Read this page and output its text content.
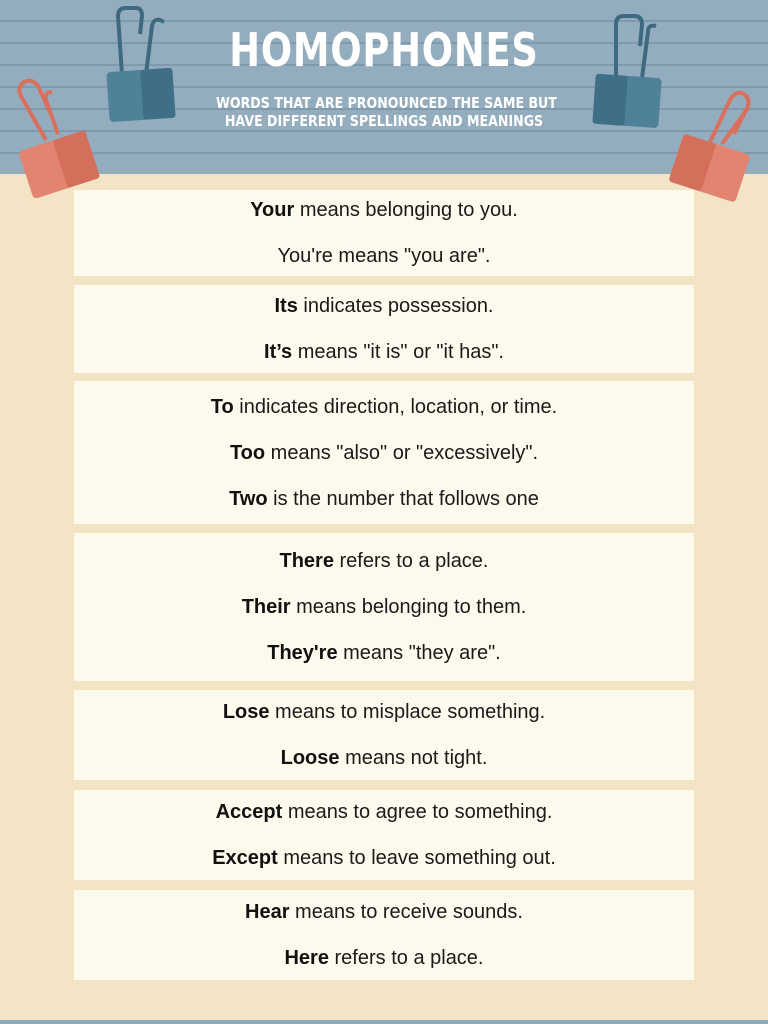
HOMOPHONES
WORDS THAT ARE PRONOUNCED THE SAME BUT
HAVE DIFFERENT SPELLINGS AND MEANINGS
Your means belonging to you.
You're means "you are".
Its indicates possession.
It’s means "it is" or "it has".
To indicates direction, location, or time.
Too means "also" or "excessively".
Two is the number that follows one
There refers to a place.
Their means belonging to them.
They're means "they are".
Lose means to misplace something.
Loose means not tight.
Accept means to agree to something.
Except means to leave something out.
Hear means to receive sounds.
Here refers to a place.
